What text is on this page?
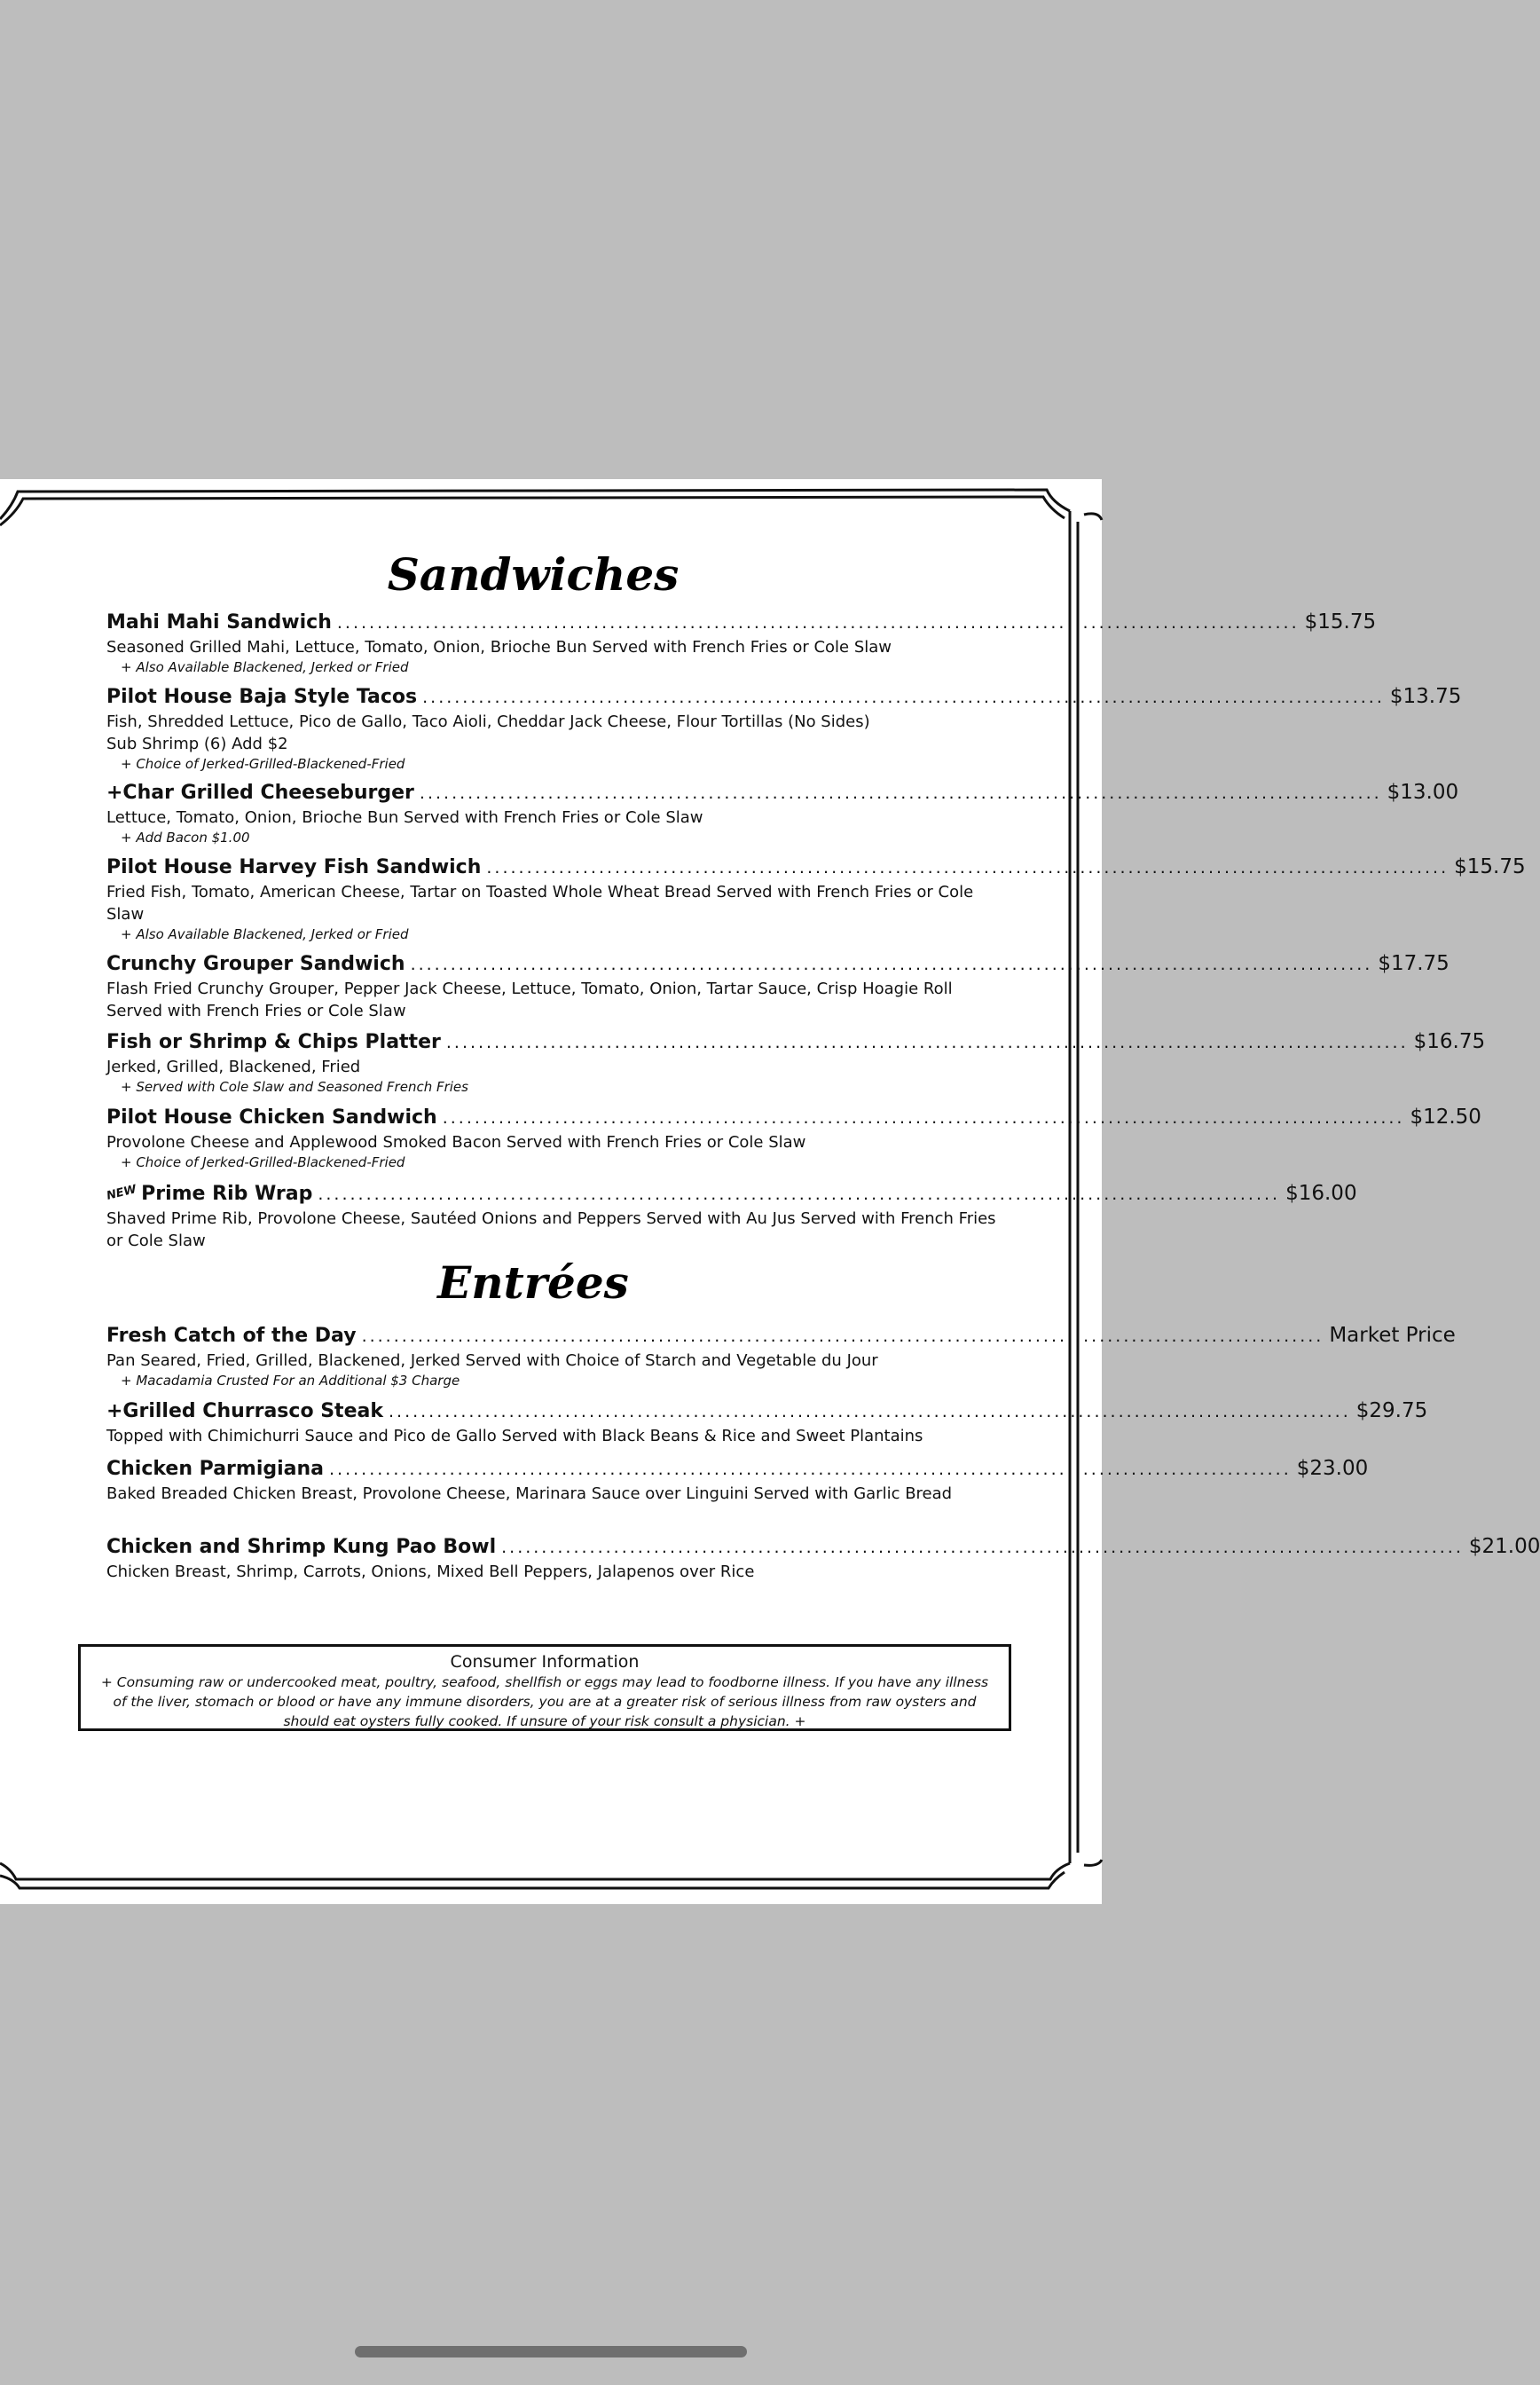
Sandwiches
Mahi Mahi Sandwich ........................................................................................................................ $15.75
Seasoned Grilled Mahi, Lettuce, Tomato, Onion, Brioche Bun Served with French Fries or Cole Slaw
+ Also Available Blackened, Jerked or Fried
Pilot House Baja Style Tacos ........................................................................................................................ $13.75
Fish, Shredded Lettuce, Pico de Gallo, Taco Aioli, Cheddar Jack Cheese, Flour Tortillas (No Sides)
Sub Shrimp (6) Add $2
+ Choice of Jerked-Grilled-Blackened-Fried
+Char Grilled Cheeseburger ........................................................................................................................ $13.00
Lettuce, Tomato, Onion, Brioche Bun Served with French Fries or Cole Slaw
+ Add Bacon $1.00
Pilot House Harvey Fish Sandwich ........................................................................................................................ $15.75
Fried Fish, Tomato, American Cheese, Tartar on Toasted Whole Wheat Bread Served with French Fries or Cole Slaw
+ Also Available Blackened, Jerked or Fried
Crunchy Grouper Sandwich ........................................................................................................................ $17.75
Flash Fried Crunchy Grouper, Pepper Jack Cheese, Lettuce, Tomato, Onion, Tartar Sauce, Crisp Hoagie Roll Served with French Fries or Cole Slaw
Fish or Shrimp & Chips Platter ........................................................................................................................ $16.75
Jerked, Grilled, Blackened, Fried
+ Served with Cole Slaw and Seasoned French Fries
Pilot House Chicken Sandwich ........................................................................................................................ $12.50
Provolone Cheese and Applewood Smoked Bacon Served with French Fries or Cole Slaw
+ Choice of Jerked-Grilled-Blackened-Fried
NEW Prime Rib Wrap ........................................................................................................................ $16.00
Shaved Prime Rib, Provolone Cheese, Sautéed Onions and Peppers Served with Au Jus Served with French Fries or Cole Slaw
Entrées
Fresh Catch of the Day ........................................................................................................................ Market Price
Pan Seared, Fried, Grilled, Blackened, Jerked Served with Choice of Starch and Vegetable du Jour
+ Macadamia Crusted For an Additional $3 Charge
+Grilled Churrasco Steak ........................................................................................................................ $29.75
Topped with Chimichurri Sauce and Pico de Gallo Served with Black Beans & Rice and Sweet Plantains
Chicken Parmigiana ........................................................................................................................ $23.00
Baked Breaded Chicken Breast, Provolone Cheese, Marinara Sauce over Linguini Served with Garlic Bread
Chicken and Shrimp Kung Pao Bowl ........................................................................................................................ $21.00
Chicken Breast, Shrimp, Carrots, Onions, Mixed Bell Peppers, Jalapenos over Rice
Consumer Information
+ Consuming raw or undercooked meat, poultry, seafood, shellfish or eggs may lead to foodborne illness. If you have any illness of the liver, stomach or blood or have any immune disorders, you are at a greater risk of serious illness from raw oysters and should eat oysters fully cooked. If unsure of your risk consult a physician. +
